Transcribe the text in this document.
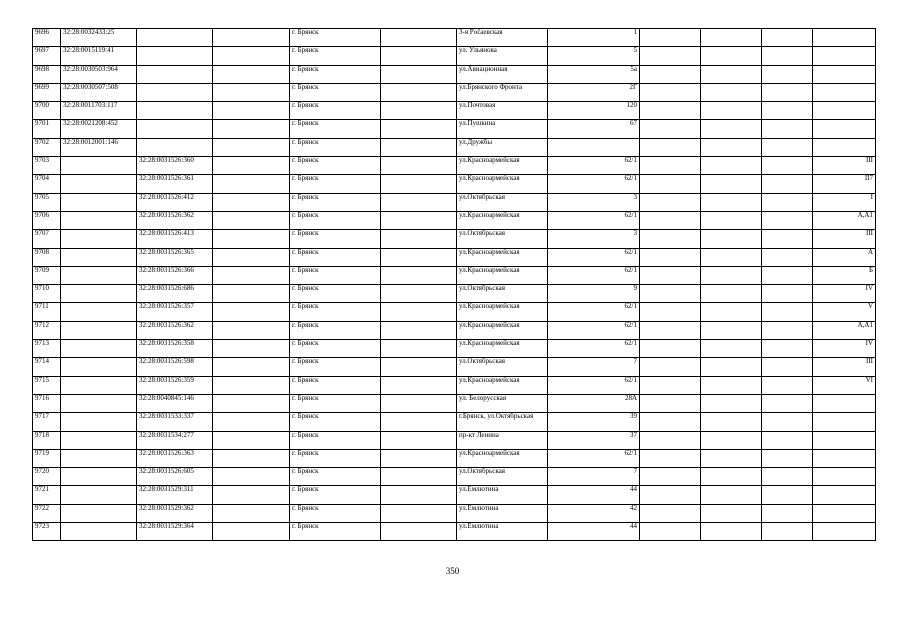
9696	32:28:0032433:25			г. Брянск		3-я Počaевская	1				
9697	32:28:0015119:41			г. Брянск		ул. Ульянова	5				
9698	32:28:0030503:964			г. Брянск		ул.Авиационная	5а				
9699	32:28:0030507:508			г. Брянск		ул.Брянского Фронта	2Г				
9700	32:28:0011703:117			г. Брянск		ул.Почтовая	120				
9701	32:28:0021208:452			г. Брянск		ул.Пушкина	67				
9702	32:28:0012001:146			г. Брянск		ул.Дружбы					
9703		32:28:0031526:360		г. Брянск		ул.Красноармейская	62/1				III
9704		32:28:0031526:361		г. Брянск		ул.Красноармейская	62/1				II7
9705		32:28:0031526:412		г. Брянск		ул.Октябрьская	3				I
9706		32:28:0031526:362		г. Брянск		ул.Красноармейская	62/1				А,А1
9707		32:28:0031526:413		г. Брянск		ул.Октябрьская	3				III
9708		32:28:0031526:365		г. Брянск		ул.Красноармейская	62/1				А
9709		32:28:0031526:366		г. Брянск		ул.Красноармейская	62/1				Б
9710		32:28:0031526:686		г. Брянск		ул.Октябрьская	9				IV
9711		32:28:0031526:357		г. Брянск		ул.Красноармейская	62/1				V
9712		32:28:0031526:362		г. Брянск		ул.Красноармейская	62/1				А,А1
9713		32:28:0031526:358		г. Брянск		ул.Красноармейская	62/1				IV
9714		32:28:0031526:598		г. Брянск		ул.Октябрьская	7				III
9715		32:28:0031526:359		г. Брянск		ул.Красноармейская	62/1				VI
9716		32:28:0040845:146		г. Брянск		ул. Белорусская	28А				
9717		32:28:0031533:337		г. Брянск		г.Брянск, ул.Октябрьская	39				
9718		32:28:0031534:277		г. Брянск		пр-кт Ленина	37				
9719		32:28:0031526:363		г. Брянск		ул.Красноармейская	62/1				
9720		32:28:0031526:605		г. Брянск		ул.Октябрьская	7				
9721		32:28:0031529:311		г. Брянск		ул.Емлютина	44				
9722		32:28:0031529:362		г. Брянск		ул.Емлютина	42				
9723		32:28:0031529:364		г. Брянск		ул.Емлютина	44				
350
